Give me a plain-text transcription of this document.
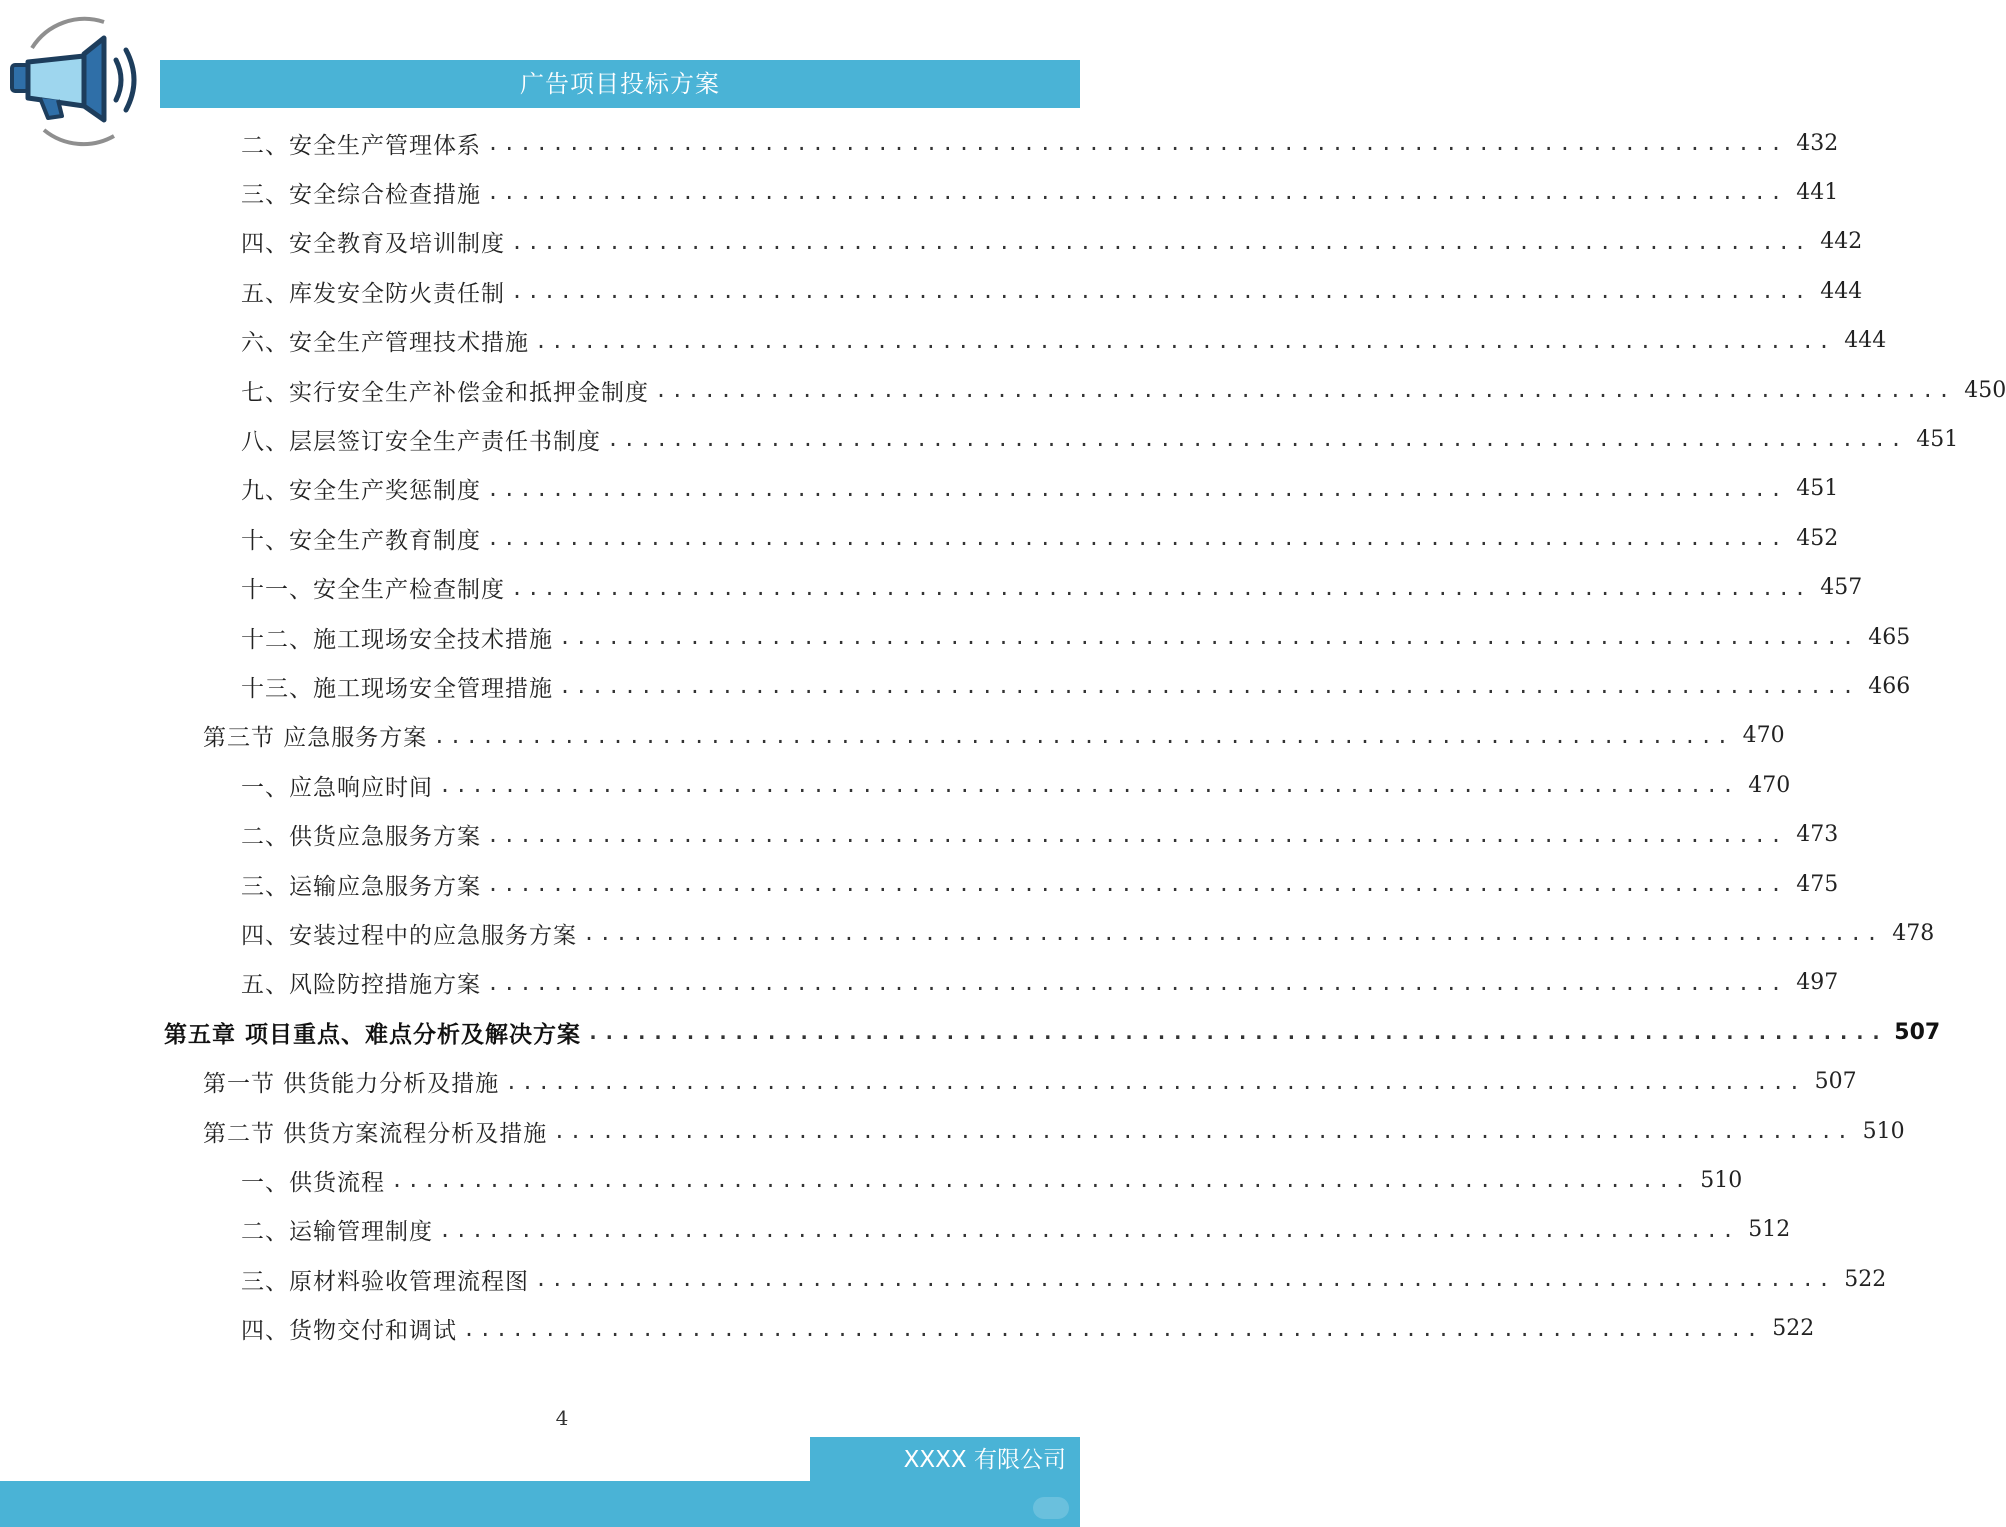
广告项目投标方案
二、安全生产管理体系 ................................................................................ 432
三、安全综合检查措施 ................................................................................ 441
四、安全教育及培训制度 ................................................................................ 442
五、库发安全防火责任制 ................................................................................ 444
六、安全生产管理技术措施 ................................................................................ 444
七、实行安全生产补偿金和抵押金制度 ................................................................................ 450
八、层层签订安全生产责任书制度 ................................................................................ 451
九、安全生产奖惩制度 ................................................................................ 451
十、安全生产教育制度 ................................................................................ 452
十一、安全生产检查制度 ................................................................................ 457
十二、施工现场安全技术措施 ................................................................................ 465
十三、施工现场安全管理措施 ................................................................................ 466
第三节 应急服务方案 ................................................................................ 470
一、应急响应时间 ................................................................................ 470
二、供货应急服务方案 ................................................................................ 473
三、运输应急服务方案 ................................................................................ 475
四、安装过程中的应急服务方案 ................................................................................ 478
五、风险防控措施方案 ................................................................................ 497
第五章 项目重点、难点分析及解决方案 ................................................................................ 507
第一节 供货能力分析及措施 ................................................................................ 507
第二节 供货方案流程分析及措施 ................................................................................ 510
一、供货流程 ................................................................................ 510
二、运输管理制度 ................................................................................ 512
三、原材料验收管理流程图 ................................................................................ 522
四、货物交付和调试 ................................................................................ 522
4
XXXX 有限公司
